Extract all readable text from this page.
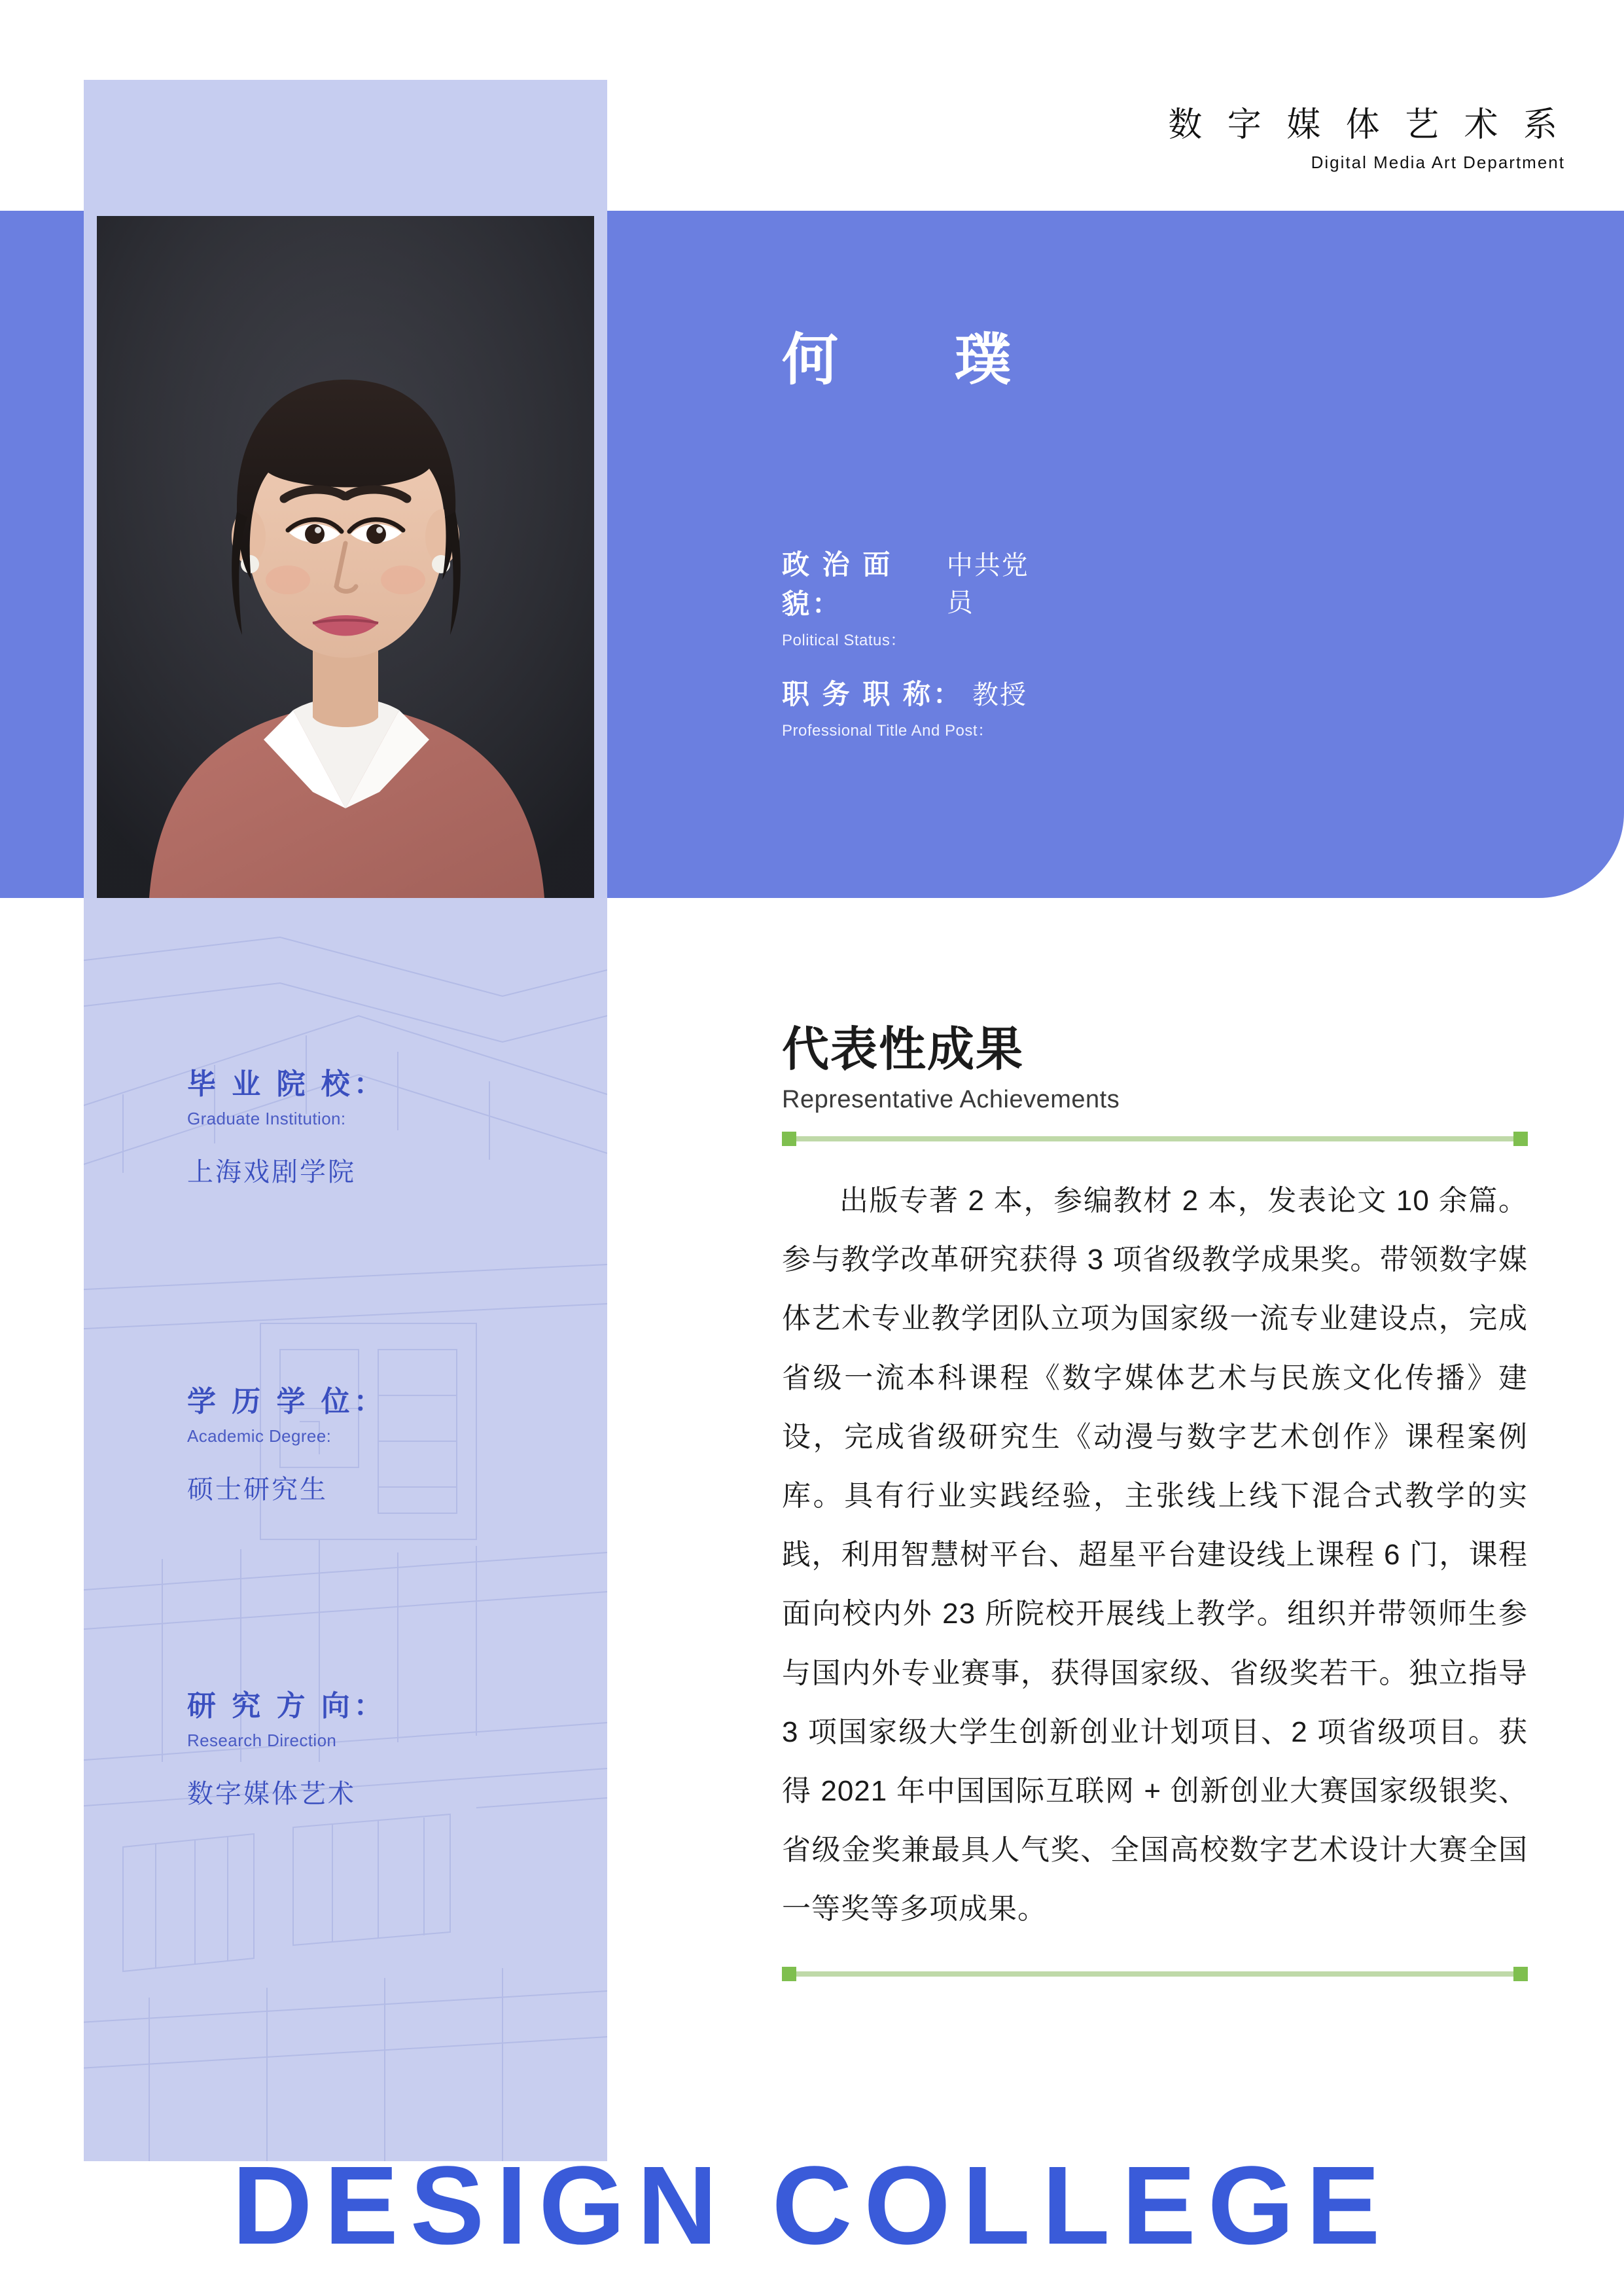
数 字 媒 体 艺 术 系
Digital Media Art Department
何　璞
政 治 面 貌：
中共党员
Political Status：
职 务 职 称： 教授
Professional Title And Post：
毕 业 院 校：
Graduate Institution:
上海戏剧学院
学 历 学 位：
Academic Degree:
硕士研究生
研 究 方 向：
Research Direction
数字媒体艺术
代表性成果
Representative Achievements
出版专著 2 本，参编教材 2 本，发表论文 10 余篇。参与教学改革研究获得 3 项省级教学成果奖。带领数字媒体艺术专业教学团队立项为国家级一流专业建设点，完成省级一流本科课程《数字媒体艺术与民族文化传播》建设，完成省级研究生《动漫与数字艺术创作》课程案例库。具有行业实践经验，主张线上线下混合式教学的实践，利用智慧树平台、超星平台建设线上课程 6 门，课程面向校内外 23 所院校开展线上教学。组织并带领师生参与国内外专业赛事，获得国家级、省级奖若干。独立指导 3 项国家级大学生创新创业计划项目、2 项省级项目。获得 2021 年中国国际互联网 + 创新创业大赛国家级银奖、省级金奖兼最具人气奖、全国高校数字艺术设计大赛全国一等奖等多项成果。
DESIGN COLLEGE
